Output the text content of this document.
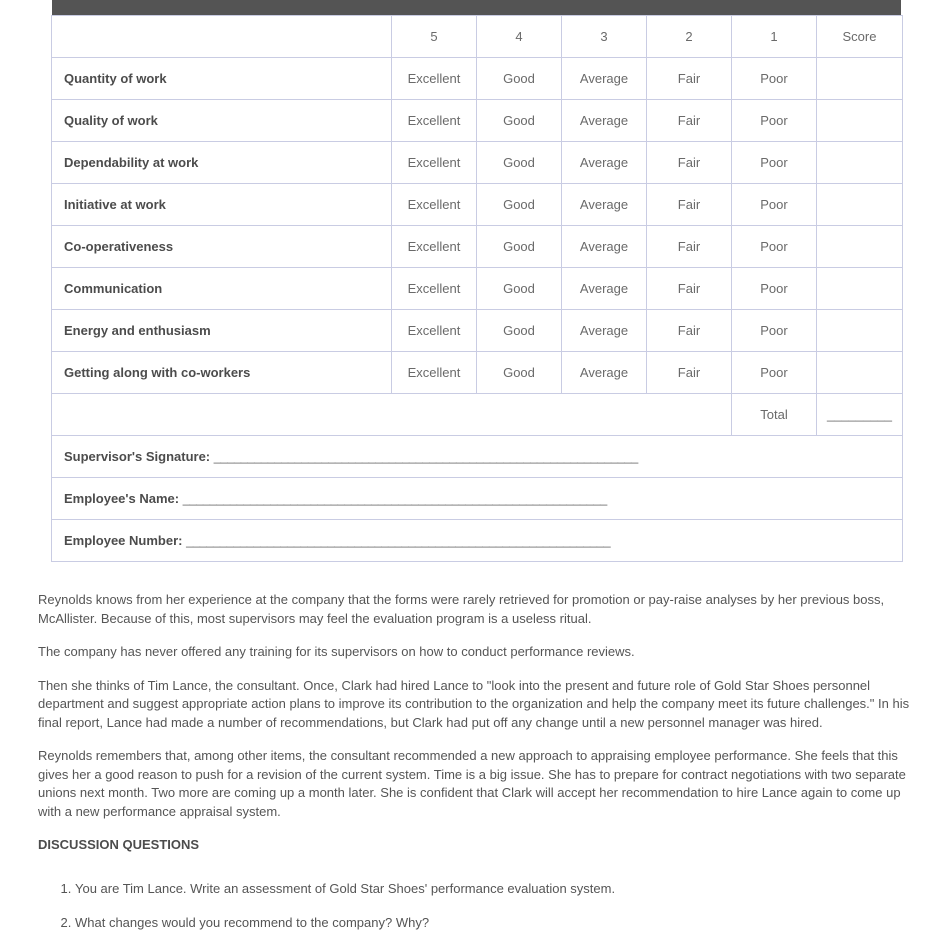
	5	4	3	2	1	Score
Quantity of work	Excellent	Good	Average	Fair	Poor	
Quality of work	Excellent	Good	Average	Fair	Poor	
Dependability at work	Excellent	Good	Average	Fair	Poor	
Initiative at work	Excellent	Good	Average	Fair	Poor	
Co-operativeness	Excellent	Good	Average	Fair	Poor	
Communication	Excellent	Good	Average	Fair	Poor	
Energy and enthusiasm	Excellent	Good	Average	Fair	Poor	
Getting along with co-workers	Excellent	Good	Average	Fair	Poor	
					Total	_________
Supervisor's Signature: _______________________________________________________________						
Employee's Name: _______________________________________________________________						
Employee Number: _______________________________________________________________						

Reynolds knows from her experience at the company that the forms were rarely retrieved for promotion or pay-raise analyses by her previous boss, McAllister. Because of this, most supervisors may feel the evaluation program is a useless ritual.

The company has never offered any training for its supervisors on how to conduct performance reviews.

Then she thinks of Tim Lance, the consultant. Once, Clark had hired Lance to "look into the present and future role of Gold Star Shoes personnel department and suggest appropriate action plans to improve its contribution to the organization and help the company meet its future challenges." In his final report, Lance had made a number of recommendations, but Clark had put off any change until a new personnel manager was hired.

Reynolds remembers that, among other items, the consultant recommended a new approach to appraising employee performance. She feels that this gives her a good reason to push for a revision of the current system. Time is a big issue. She has to prepare for contract negotiations with two separate unions next month. Two more are coming up a month later. She is confident that Clark will accept her recommendation to hire Lance again to come up with a new performance appraisal system.

DISCUSSION QUESTIONS

1. You are Tim Lance. Write an assessment of Gold Star Shoes' performance evaluation system.
2. What changes would you recommend to the company? Why?
